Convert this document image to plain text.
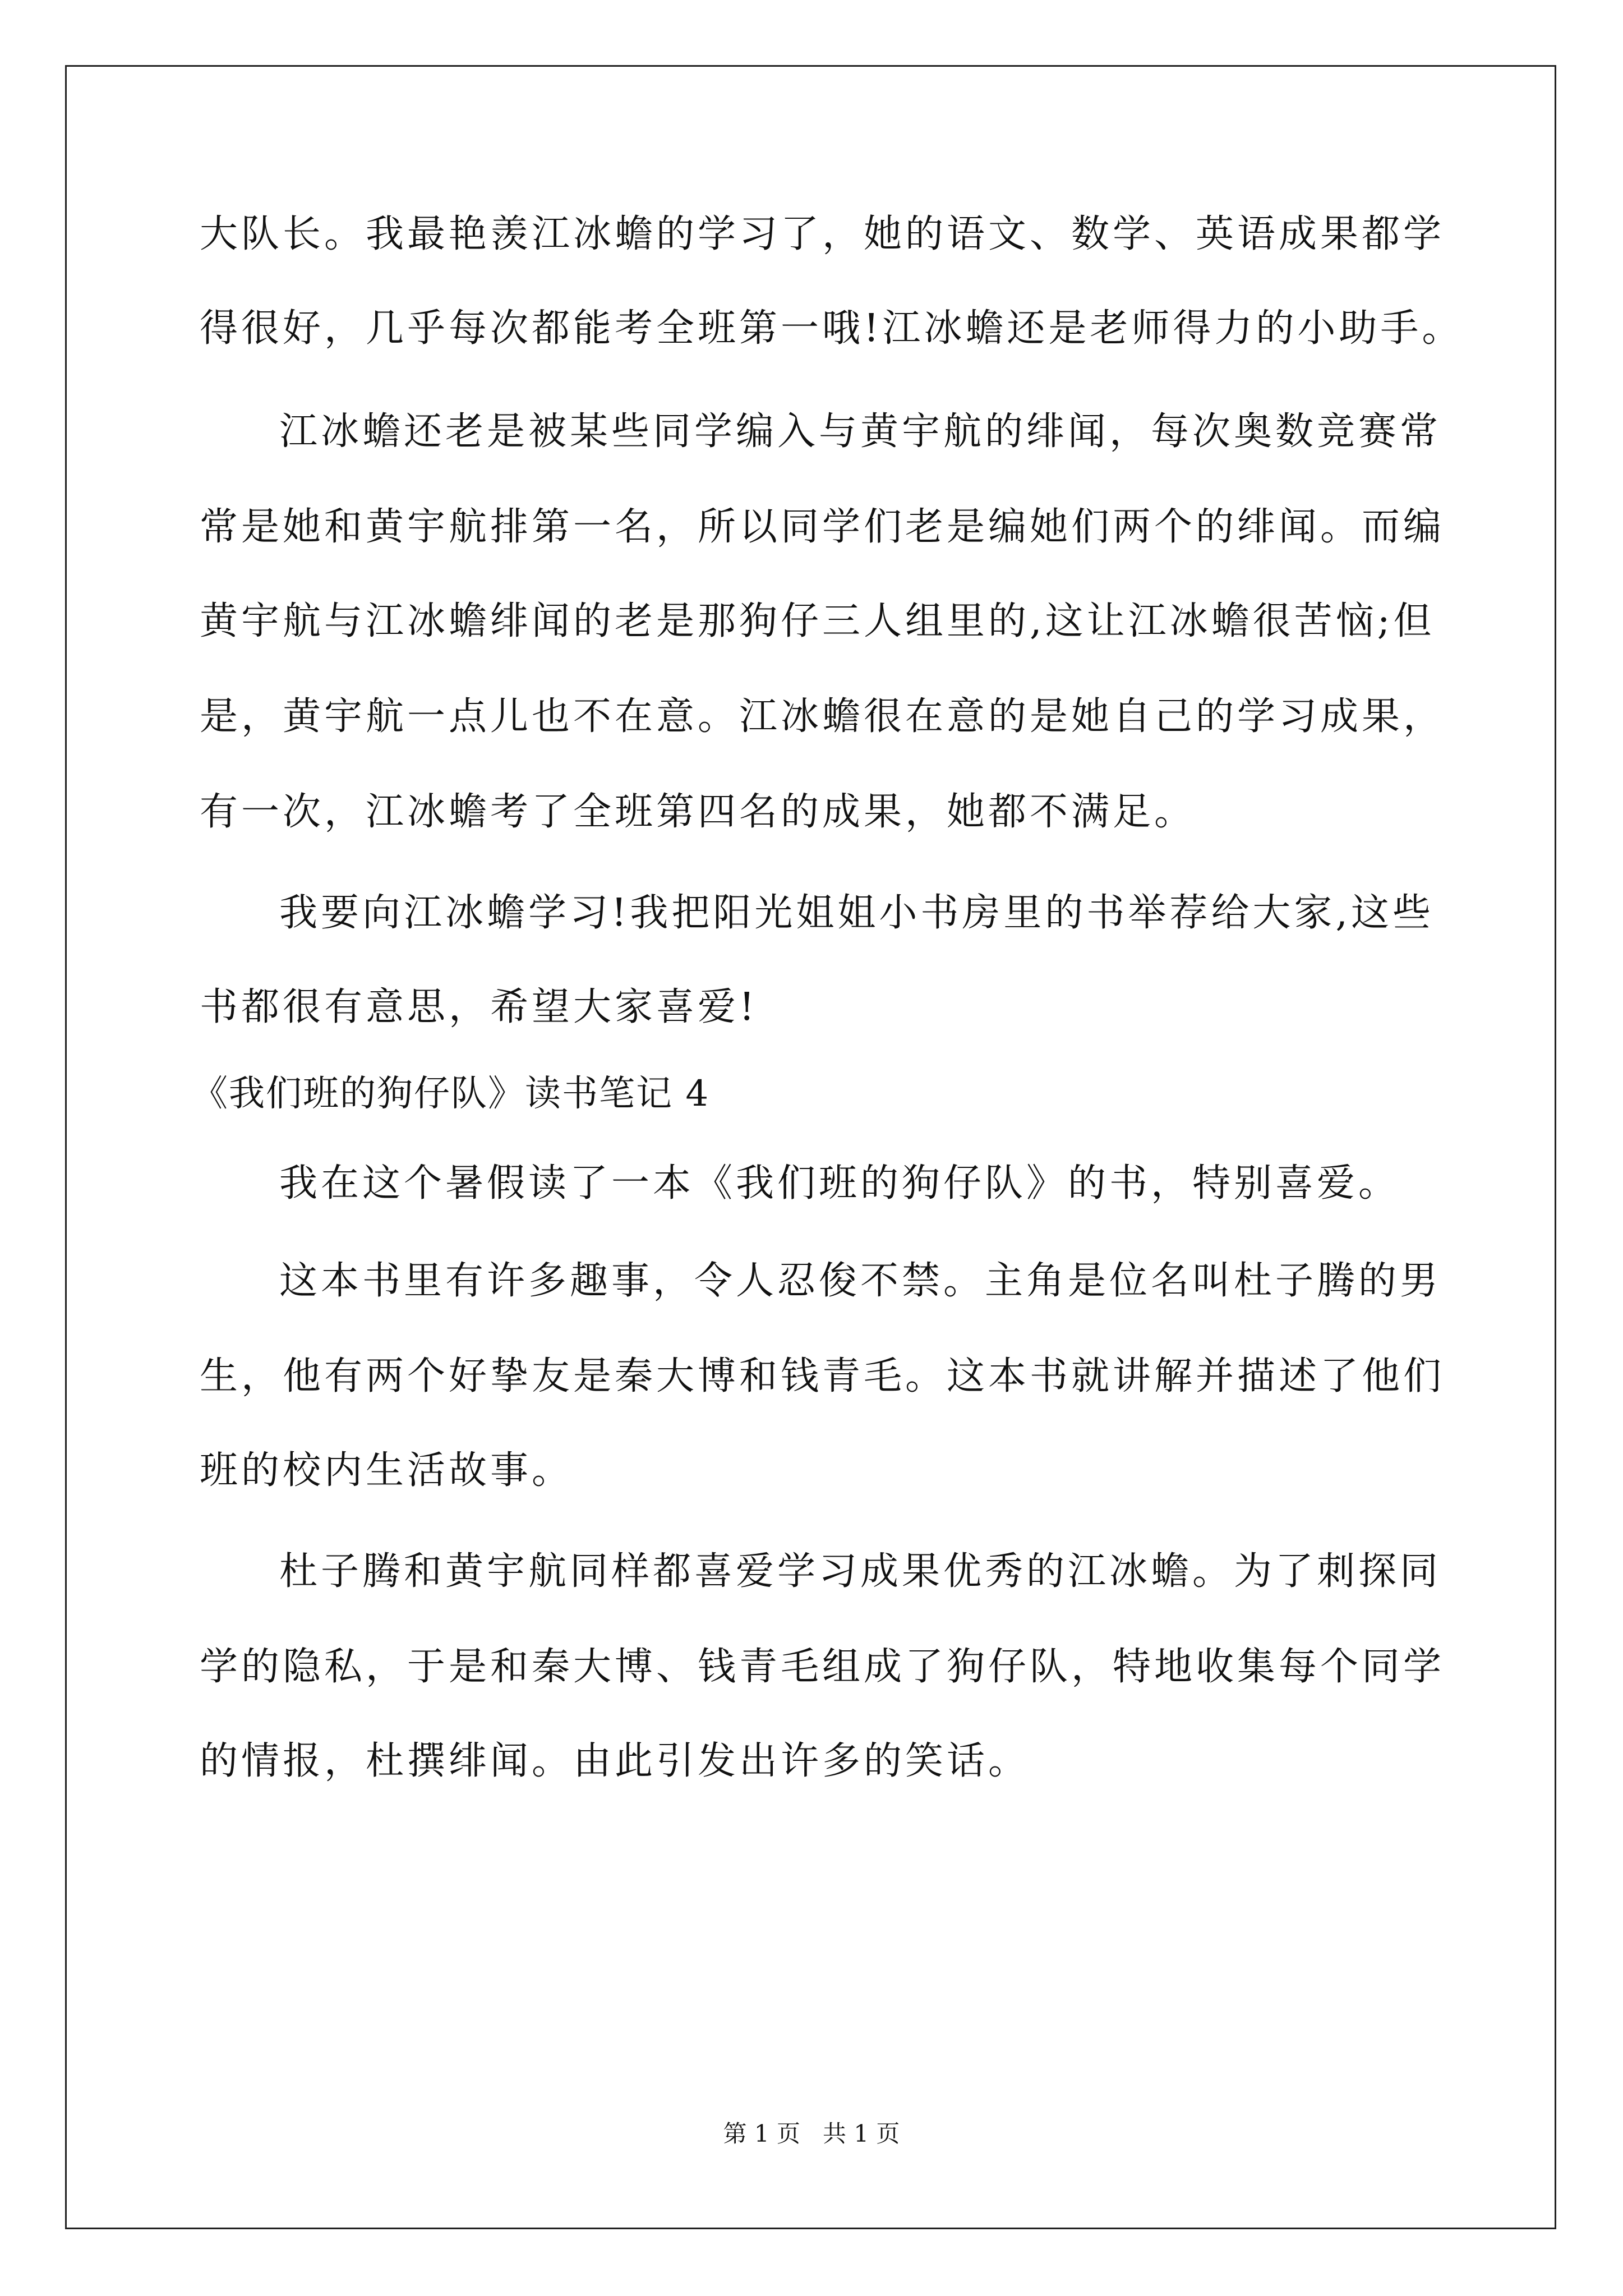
大队长。我最艳羡江冰蟾的学习了，她的语文、数学、英语成果都学
得很好，几乎每次都能考全班第一哦!江冰蟾还是老师得力的小助手。
江冰蟾还老是被某些同学编入与黄宇航的绯闻，每次奥数竞赛常
常是她和黄宇航排第一名，所以同学们老是编她们两个的绯闻。而编
黄宇航与江冰蟾绯闻的老是那狗仔三人组里的,这让江冰蟾很苦恼;但
是，黄宇航一点儿也不在意。江冰蟾很在意的是她自己的学习成果，
有一次，江冰蟾考了全班第四名的成果，她都不满足。
我要向江冰蟾学习!我把阳光姐姐小书房里的书举荐给大家,这些
书都很有意思，希望大家喜爱!
《我们班的狗仔队》读书笔记 4
我在这个暑假读了一本《我们班的狗仔队》的书，特别喜爱。
这本书里有许多趣事，令人忍俊不禁。主角是位名叫杜子腾的男
生，他有两个好挚友是秦大博和钱青毛。这本书就讲解并描述了他们
班的校内生活故事。
杜子腾和黄宇航同样都喜爱学习成果优秀的江冰蟾。为了刺探同
学的隐私，于是和秦大博、钱青毛组成了狗仔队，特地收集每个同学
的情报，杜撰绯闻。由此引发出许多的笑话。
第 1 页 共 1 页
